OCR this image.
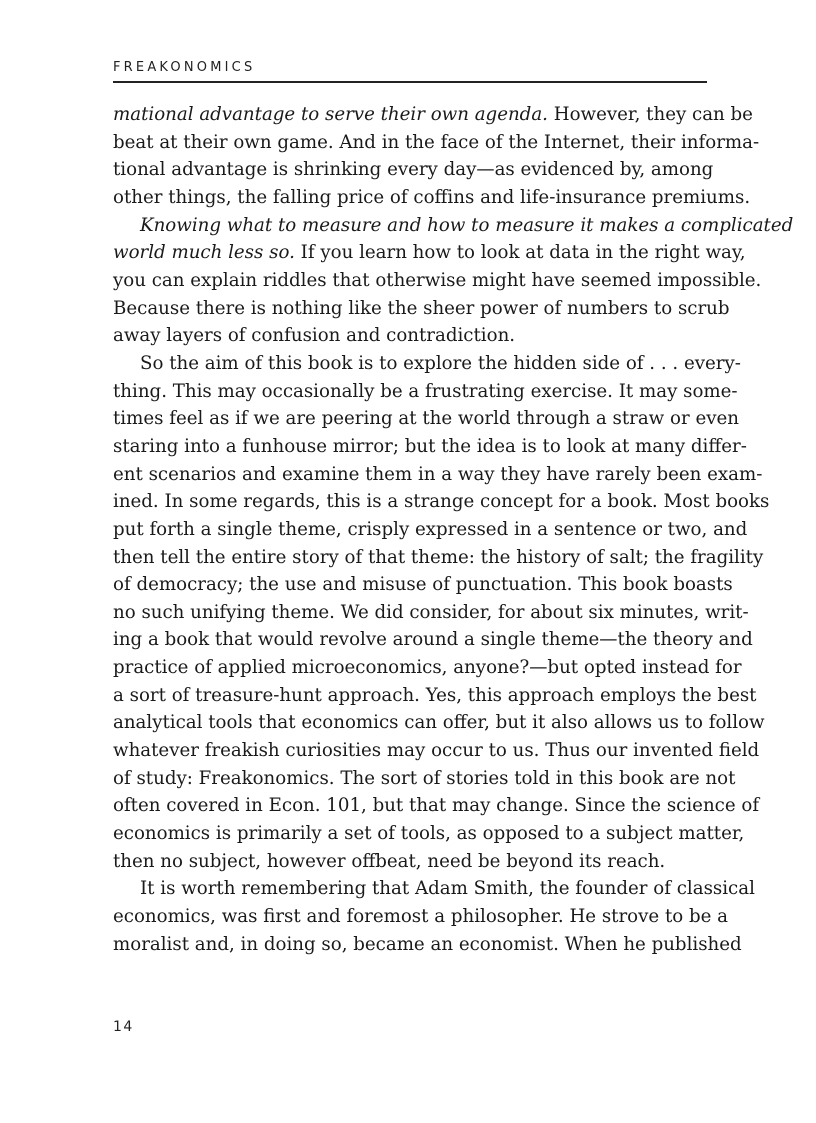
FREAKONOMICS
mational advantage to serve their own agenda. However, they can be
beat at their own game. And in the face of the Internet, their informa-
tional advantage is shrinking every day—as evidenced by, among
other things, the falling price of coffins and life-insurance premiums.
Knowing what to measure and how to measure it makes a complicated
world much less so. If you learn how to look at data in the right way,
you can explain riddles that otherwise might have seemed impossible.
Because there is nothing like the sheer power of numbers to scrub
away layers of confusion and contradiction.
So the aim of this book is to explore the hidden side of . . . every-
thing. This may occasionally be a frustrating exercise. It may some-
times feel as if we are peering at the world through a straw or even
staring into a funhouse mirror; but the idea is to look at many differ-
ent scenarios and examine them in a way they have rarely been exam-
ined. In some regards, this is a strange concept for a book. Most books
put forth a single theme, crisply expressed in a sentence or two, and
then tell the entire story of that theme: the history of salt; the fragility
of democracy; the use and misuse of punctuation. This book boasts
no such unifying theme. We did consider, for about six minutes, writ-
ing a book that would revolve around a single theme—the theory and
practice of applied microeconomics, anyone?—but opted instead for
a sort of treasure-hunt approach. Yes, this approach employs the best
analytical tools that economics can offer, but it also allows us to follow
whatever freakish curiosities may occur to us. Thus our invented field
of study: Freakonomics. The sort of stories told in this book are not
often covered in Econ. 101, but that may change. Since the science of
economics is primarily a set of tools, as opposed to a subject matter,
then no subject, however offbeat, need be beyond its reach.
It is worth remembering that Adam Smith, the founder of classical
economics, was first and foremost a philosopher. He strove to be a
moralist and, in doing so, became an economist. When he published
14
